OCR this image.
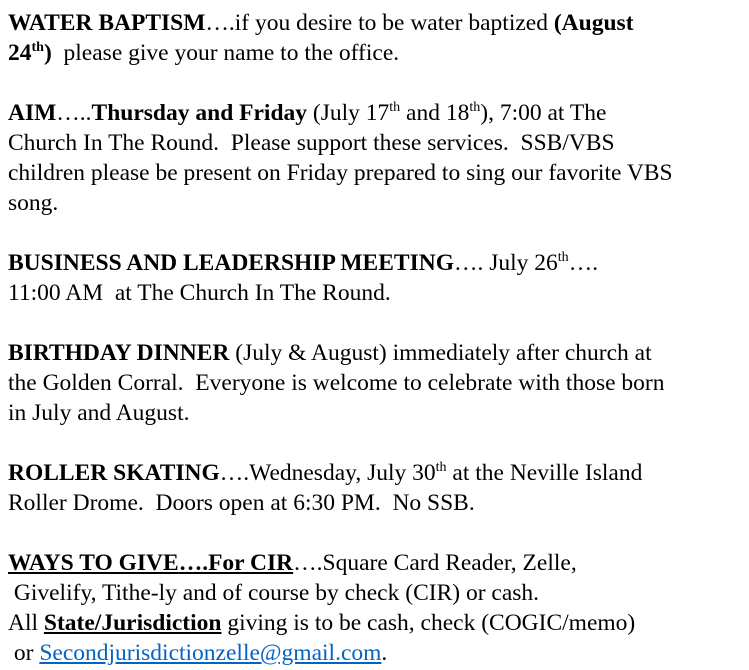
WATER BAPTISM….if you desire to be water baptized (August
24th)  please give your name to the office.
AIM…..Thursday and Friday (July 17th and 18th), 7:00 at The
Church In The Round.  Please support these services.  SSB/VBS
children please be present on Friday prepared to sing our favorite VBS
song.
BUSINESS AND LEADERSHIP MEETING…. July 26th….
11:00 AM  at The Church In The Round.
BIRTHDAY DINNER (July & August) immediately after church at
the Golden Corral.  Everyone is welcome to celebrate with those born
in July and August.
ROLLER SKATING….Wednesday, July 30th at the Neville Island
Roller Drome.  Doors open at 6:30 PM.  No SSB.
WAYS TO GIVE….For CIR….Square Card Reader, Zelle,
Givelify, Tithe-ly and of course by check (CIR) or cash.
All State/Jurisdiction giving is to be cash, check (COGIC/memo)
or Secondjurisdictionzelle@gmail.com.
